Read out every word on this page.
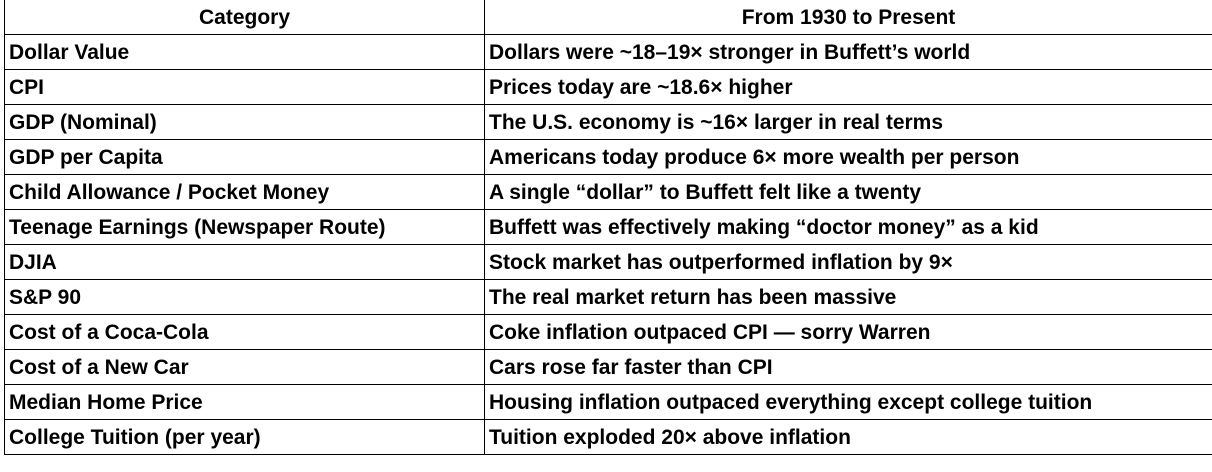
Category	From 1930 to Present
Dollar Value	Dollars were ~18–19× stronger in Buffett’s world
CPI	Prices today are ~18.6× higher
GDP (Nominal)	The U.S. economy is ~16× larger in real terms
GDP per Capita	Americans today produce 6× more wealth per person
Child Allowance / Pocket Money	A single “dollar” to Buffett felt like a twenty
Teenage Earnings (Newspaper Route)	Buffett was effectively making “doctor money” as a kid
DJIA	Stock market has outperformed inflation by 9×
S&P 90	The real market return has been massive
Cost of a Coca-Cola	Coke inflation outpaced CPI — sorry Warren
Cost of a New Car	Cars rose far faster than CPI
Median Home Price	Housing inflation outpaced everything except college tuition
College Tuition (per year)	Tuition exploded 20× above inflation
